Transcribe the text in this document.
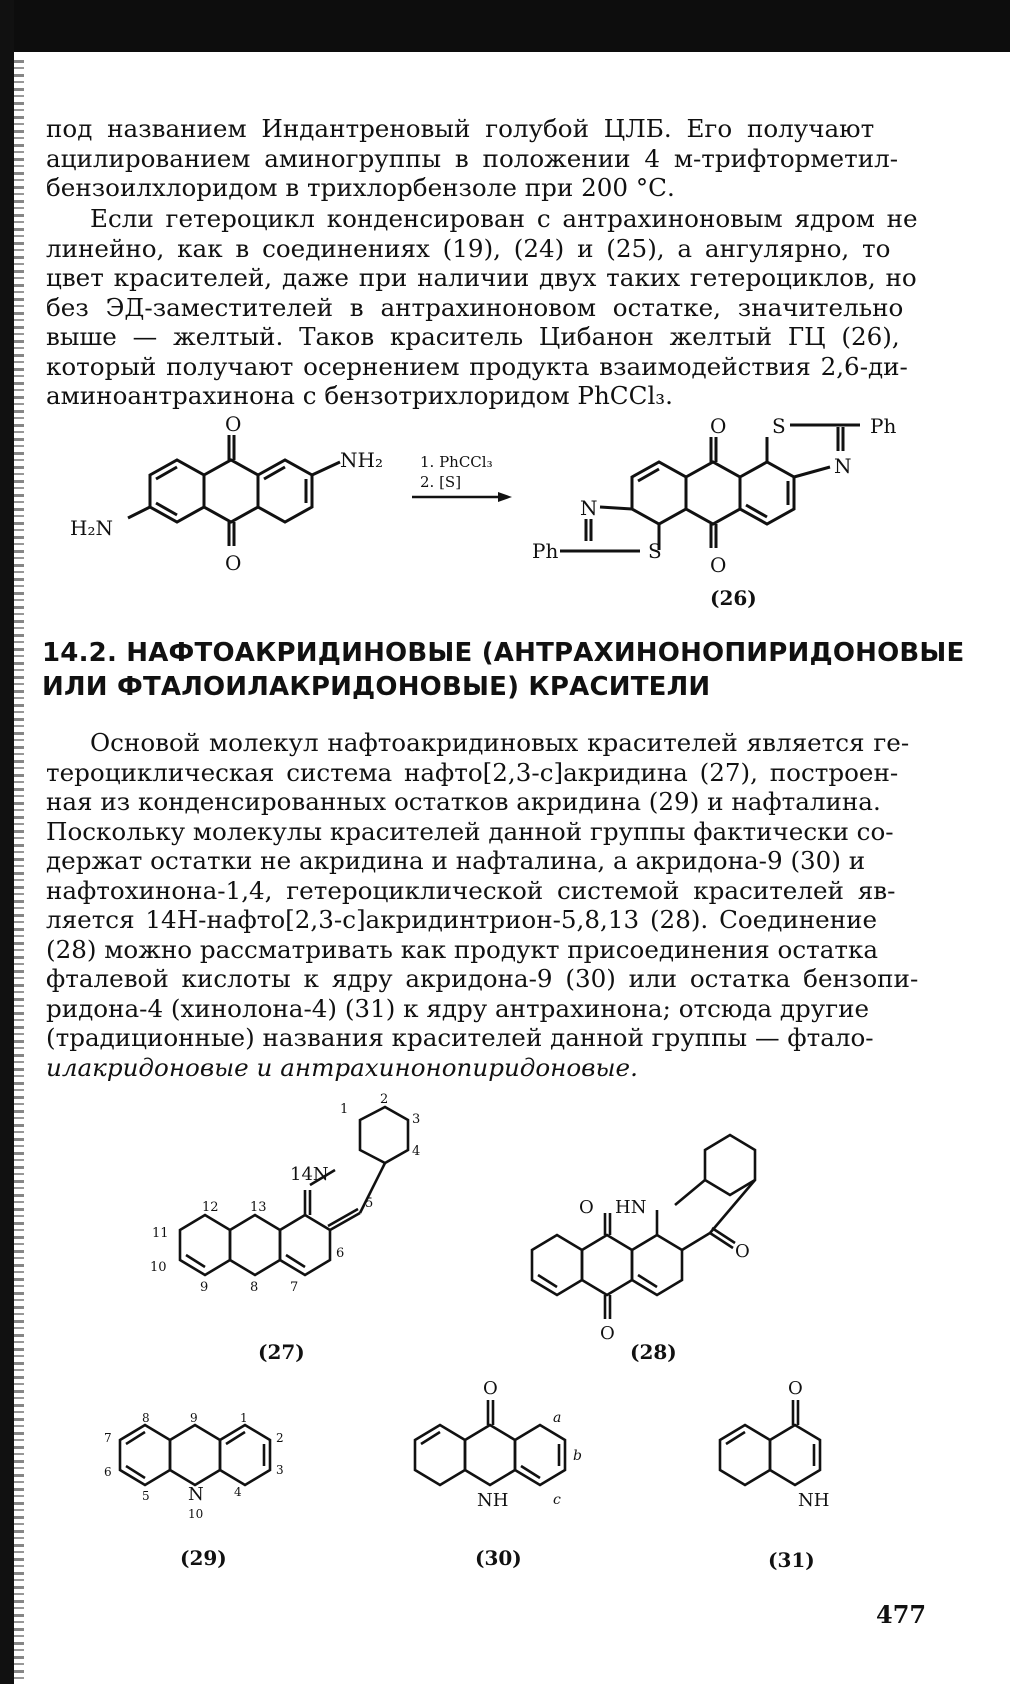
под названием Индантреновый голубой ЦЛБ. Его получают
ацилированием аминогруппы в положении 4 м-трифторметил-
бензоилхлоридом в трихлорбензоле при 200 °С.
Если гетероцикл конденсирован с антрахиноновым ядром не
линейно, как в соединениях (19), (24) и (25), а ангулярно, то
цвет красителей, даже при наличии двух таких гетероциклов, но
без ЭД-заместителей в антрахиноновом остатке, значительно
выше — желтый. Таков краситель Цибанон желтый ГЦ (26),
который получают осернением продукта взаимодействия 2,6-ди-
аминоантрахинона с бензотрихлоридом PhCCl₃.
O
O
NH₂
H₂N
1. PhCCl₃
2. [S]
O
O
S	Ph
N
N
Ph	S
(26)
14.2. НАФТОАКРИДИНОВЫЕ (АНТРАХИНОНОПИРИДОНОВЫЕ
ИЛИ ФТАЛОИЛАКРИДОНОВЫЕ) КРАСИТЕЛИ
Основой молекул нафтоакридиновых красителей является ге-
тероциклическая система нафто[2,3-c]акридина (27), построен-
ная из конденсированных остатков акридина (29) и нафталина.
Поскольку молекулы красителей данной группы фактически со-
держат остатки не акридина и нафталина, а акридона-9 (30) и
нафтохинона-1,4, гетероциклической системой красителей яв-
ляется 14H-нафто[2,3-c]акридинтрион-5,8,13 (28). Соединение
(28) можно рассматривать как продукт присоединения остатка
фталевой кислоты к ядру акридона-9 (30) или остатка бензопи-
ридона-4 (хинолона-4) (31) к ядру антрахинона; отсюда другие
(традиционные) названия красителей данной группы — фтало-
илакридоновые и антрахинонопиридоновые.
14N
1
2
3
4
5
6
7
8
9
10
11
12 13
(27)
HN
O
O
O
(28)
N
1
2
3
4
5
6
7
8	9
10
(29)
O
NH
a
b
c
(30)
O
NH
(31)
477
